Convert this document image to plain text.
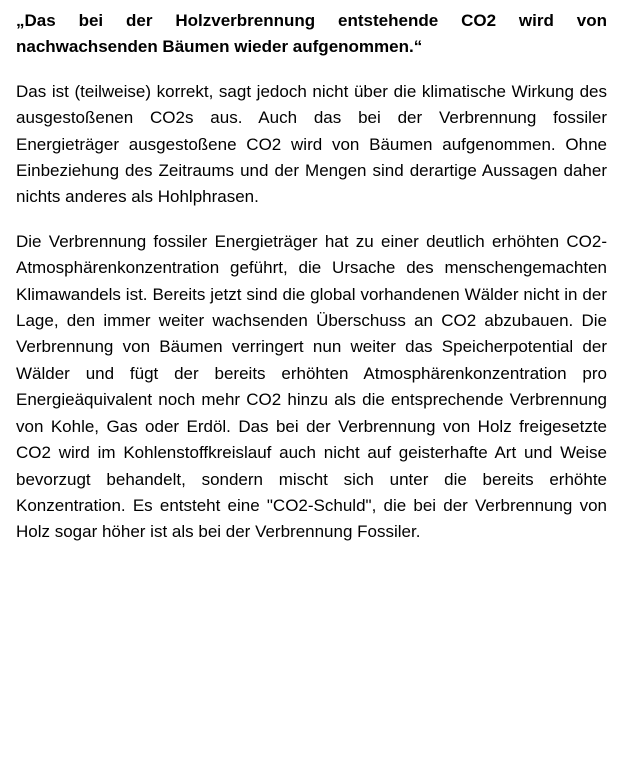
„Das bei der Holzverbrennung entstehende CO2 wird von nachwachsenden Bäumen wieder aufgenommen.“

Das ist (teilweise) korrekt, sagt jedoch nicht über die klimatische Wirkung des ausgestoßenen CO2s aus. Auch das bei der Verbrennung fossiler Energieträger ausgestoßene CO2 wird von Bäumen aufgenommen. Ohne Einbeziehung des Zeitraums und der Mengen sind derartige Aussagen daher nichts anderes als Hohlphrasen.

Die Verbrennung fossiler Energieträger hat zu einer deutlich erhöhten CO2-Atmosphärenkonzentration geführt, die Ursache des menschengemachten Klimawandels ist. Bereits jetzt sind die global vorhandenen Wälder nicht in der Lage, den immer weiter wachsenden Überschuss an CO2 abzubauen. Die Verbrennung von Bäumen verringert nun weiter das Speicherpotential der Wälder und fügt der bereits erhöhten Atmosphärenkonzentration pro Energieäquivalent noch mehr CO2 hinzu als die entsprechende Verbrennung von Kohle, Gas oder Erdöl. Das bei der Verbrennung von Holz freigesetzte CO2 wird im Kohlenstoffkreislauf auch nicht auf geisterhafte Art und Weise bevorzugt behandelt, sondern mischt sich unter die bereits erhöhte Konzentration. Es entsteht eine "CO2-Schuld", die bei der Verbrennung von Holz sogar höher ist als bei der Verbrennung Fossiler.
